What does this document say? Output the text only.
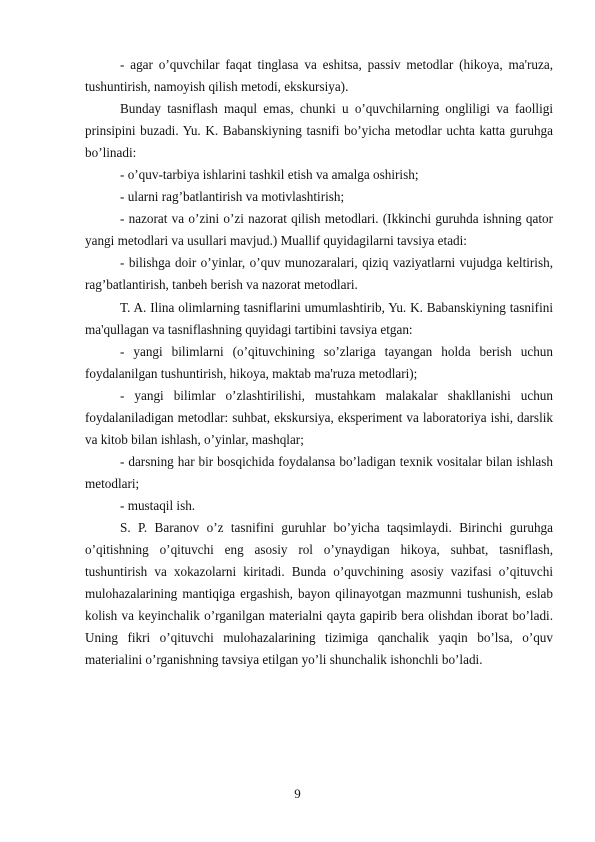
- agar o’quvchilar faqat tinglasa va eshitsa, passiv metodlar (hikoya, ma'ruza, tushuntirish, namoyish qilish metodi, ekskursiya).

Bunday tasniflash maqul emas, chunki u o’quvchilarning ongliligi va faolligi prinsipini buzadi. Yu. K. Babanskiyning tasnifi bo’yicha metodlar uchta katta guruhga bo’linadi:

- o’quv-tarbiya ishlarini tashkil etish va amalga oshirish;

- ularni rag’batlantirish va motivlashtirish;

- nazorat va o’zini o’zi nazorat qilish metodlari. (Ikkinchi guruhda ishning qator yangi metodlari va usullari mavjud.) Muallif quyidagilarni tavsiya etadi:

- bilishga doir o’yinlar, o’quv munozaralari, qiziq vaziyatlarni vujudga keltirish, rag’batlantirish, tanbeh berish va nazorat metodlari.

T. A. Ilina olimlarning tasniflarini umumlashtirib, Yu. K. Babanskiyning tasnifini ma'qullagan va tasniflashning quyidagi tartibini tavsiya etgan:

- yangi bilimlarni (o’qituvchining so’zlariga tayangan holda berish uchun foydalanilgan tushuntirish, hikoya, maktab ma'ruza metodlari);

- yangi bilimlar o’zlashtirilishi, mustahkam malakalar shakllanishi uchun foydalaniladigan metodlar: suhbat, ekskursiya, eksperiment va laboratoriya ishi, darslik va kitob bilan ishlash, o’yinlar, mashqlar;

- darsning har bir bosqichida foydalansa bo’ladigan texnik vositalar bilan ishlash metodlari;

- mustaqil ish.

S. P. Baranov o’z tasnifini guruhlar bo’yicha taqsimlaydi. Birinchi guruhga o’qitishning o’qituvchi eng asosiy rol o’ynaydigan hikoya, suhbat, tasniflash, tushuntirish va xokazolarni kiritadi. Bunda o’quvchining asosiy vazifasi o’qituvchi mulohazalarining mantiqiga ergashish, bayon qilinayotgan mazmunni tushunish, eslab kolish va keyinchalik o’rganilgan materialni qayta gapirib bera olishdan iborat bo’ladi. Uning fikri o’qituvchi mulohazalarining tizimiga qanchalik yaqin bo’lsa, o’quv materialini o’rganishning tavsiya etilgan yo’li shunchalik ishonchli bo’ladi.

9
